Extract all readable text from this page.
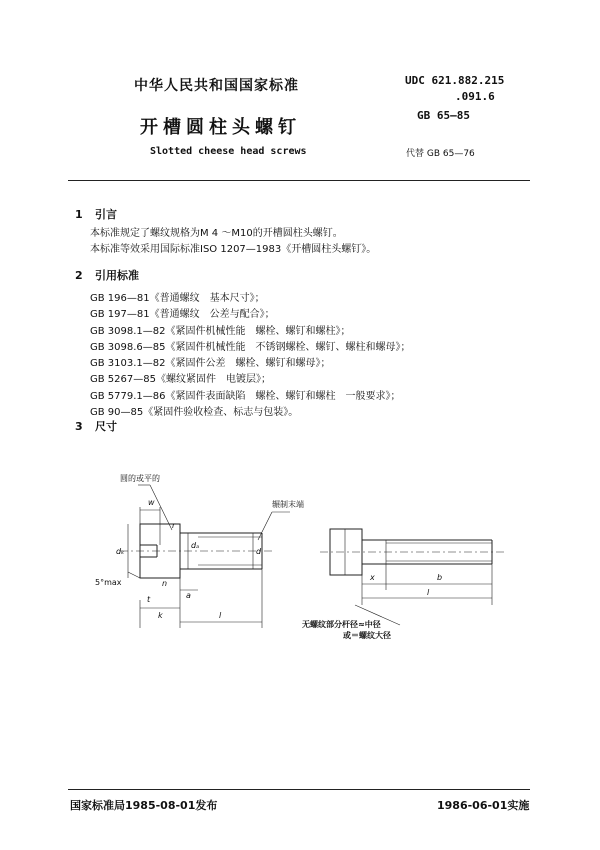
中华人民共和国国家标准
开槽圆柱头螺钉
Slotted cheese head screws
UDC 621.882.215
.091.6
GB 65—85
代替 GB 65—76
1 引言
本标准规定了螺纹规格为M 4 ～M10的开槽圆柱头螺钉。
本标准等效采用国际标准ISO 1207—1983《开槽圆柱头螺钉》。
2 引用标准
GB 196—81《普通螺纹　基本尺寸》；
GB 197—81《普通螺纹　公差与配合》；
GB 3098.1—82《紧固件机械性能　螺栓、螺钉和螺柱》；
GB 3098.6—85《紧固件机械性能　不锈钢螺栓、螺钉、螺柱和螺母》；
GB 3103.1—82《紧固件公差　螺栓、螺钉和螺母》；
GB 5267—85《螺纹紧固件　电镀层》；
GB 5779.1—86《紧固件表面缺陷　螺栓、螺钉和螺柱　一般要求》；
GB 90—85《紧固件验收检查、标志与包装》。
3 尺寸
圆的或平的
辗制末端
5°max
w
r
dₖ
dₐ
d
n
a
t
k	l
x	b
l
无螺纹部分杆径≈中径
或＝螺纹大径
国家标准局1985-08-01发布	1986-06-01实施
